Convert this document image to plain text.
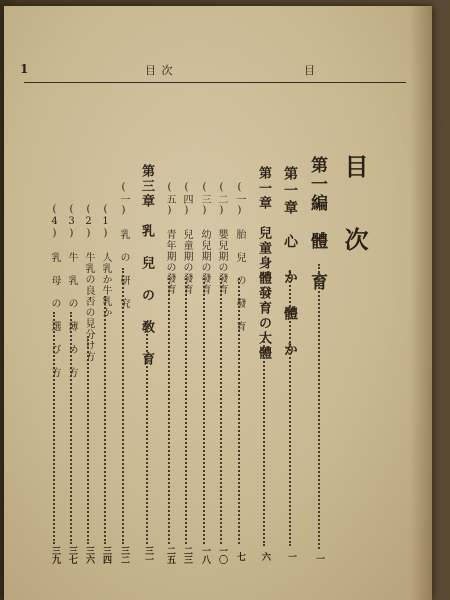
1	目 次	目
目 次
第一編　體 育
一
第一章　心 か 體 か
一
第一章　兒童身體發育の大體
六
(一) 胎 兒 の 發 育
七
(二) 嬰兒期の發育
一〇
(三) 幼兒期の發育
一八
(四) 兒童期の發育
二三
(五) 青年期の發育
二五
第三章　乳 兒 の 敎 育
三一
(一) 乳 の 研 究
三二
(1) 人乳か牛乳か
三四
(2) 牛乳の良否の見分け方
三六
(3) 牛 乳 の 薄 め 方
三七
(4) 乳 母 の 選 び 方
三九
